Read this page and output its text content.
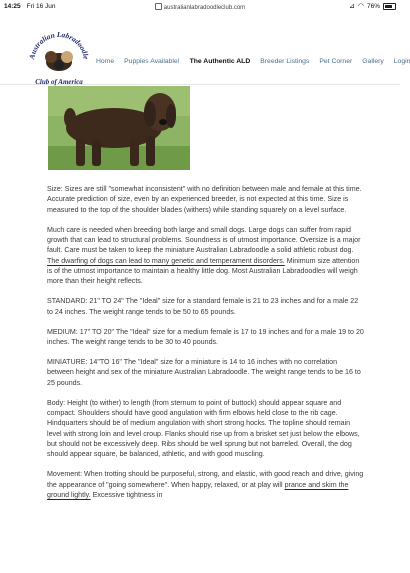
14:25 Fri 16 Jun	australianlabradoodleclub.com	⊿ ◠ 76%
Australian Labradoodle
Club of America
Home Puppies Available! The Authentic ALD Breeder Listings Pet Corner Gallery Login

Size: Sizes are still "somewhat inconsistent" with no definition between male and female at this time. Accurate prediction of size, even by an experienced breeder, is not expected at this time. Size is measured to the top of the shoulder blades (withers) while standing squarely on a level surface.

Much care is needed when breeding both large and small dogs. Large dogs can suffer from rapid growth that can lead to structural problems. Soundness is of utmost importance. Oversize is a major fault. Care must be taken to keep the miniature Australian Labradoodle a solid athletic robust dog. The dwarfing of dogs can lead to many genetic and temperament disorders. Minimum size attention is of the utmost importance to maintain a healthy little dog. Most Australian Labradoodles will weigh more than their height reflects.

STANDARD: 21" TO 24" The "Ideal" size for a standard female is 21 to 23 inches and for a male 22 to 24 inches. The weight range tends to be 50 to 65 pounds.

MEDIUM: 17" TO 20" The "Ideal" size for a medium female is 17 to 19 inches and for a male 19 to 20 inches. The weight range tends to be 30 to 40 pounds.

MINIATURE: 14"TO 16" The "Ideal" size for a miniature is 14 to 16 inches with no correlation between height and sex of the miniature Australian Labradoodle. The weight range tends to be 16 to 25 pounds.

Body: Height (to wither) to length (from sternum to point of buttock) should appear square and compact. Shoulders should have good angulation with firm elbows held close to the rib cage. Hindquarters should be of medium angulation with short strong hocks. The topline should remain level with strong loin and level croup. Flanks should rise up from a brisket set just below the elbows, but should not be excessively deep. Ribs should be well sprung but not barreled. Overall, the dog should appear square, be balanced, athletic, and with good muscling.

Movement: When trotting should be purposeful, strong, and elastic, with good reach and drive, giving the appearance of "going somewhere". When happy, relaxed, or at play will prance and skim the ground lightly. Excessive tightness in
